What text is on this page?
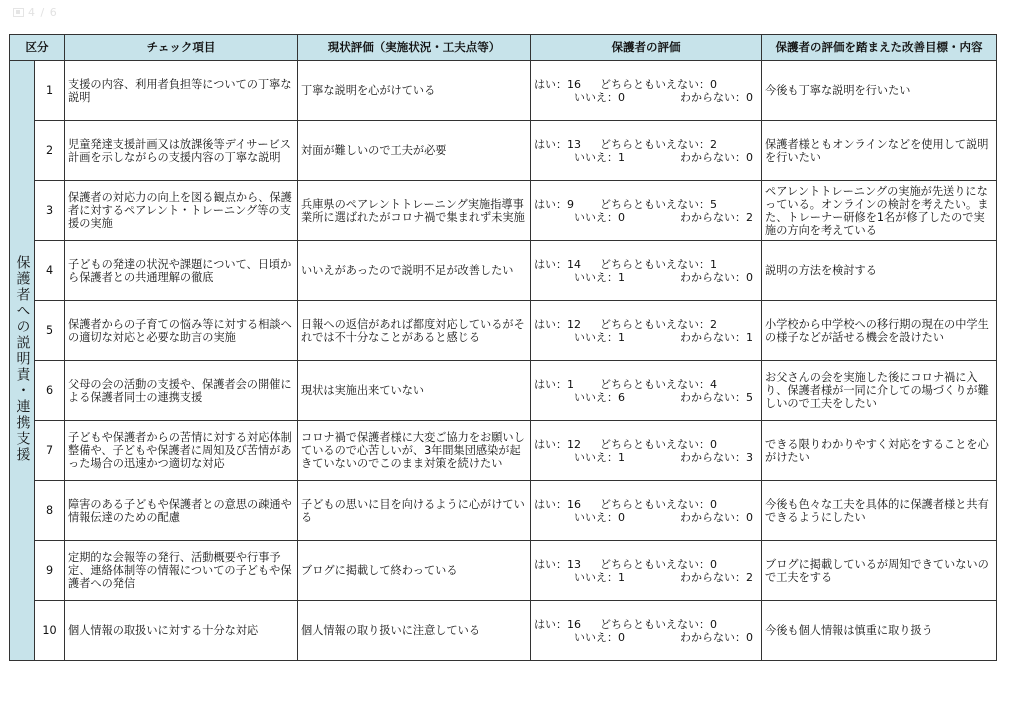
4 / 6
区分		チェック項目	現状評価（実施状況・工夫点等）	保護者の評価	保護者の評価を踏まえた改善目標・内容
保護者への説明責・連携支援	1	支援の内容、利用者負担等についての丁寧な説明	丁寧な説明を心がけている	はい：16 どちらともいえない：0
いいえ：0 わからない：0	今後も丁寧な説明を行いたい
	2	児童発達支援計画又は放課後等デイサービス計画を示しながらの支援内容の丁寧な説明	対面が難しいので工夫が必要	はい：13 どちらともいえない：2
いいえ：1 わからない：0	保護者様ともオンラインなどを使用して説明を行いたい
	3	保護者の対応力の向上を図る観点から、保護者に対するペアレント・トレーニング等の支援の実施	兵庫県のペアレントトレーニング実施指導事業所に選ばれたがコロナ禍で集まれず未実施	はい：9 どちらともいえない：5
いいえ：0 わからない：2	ペアレントトレーニングの実施が先送りになっている。オンラインの検討を考えたい。また、トレーナー研修を1名が修了したので実施の方向を考えている
	4	子どもの発達の状況や課題について、日頃から保護者との共通理解の徹底	いいえがあったので説明不足が改善したい	はい：14 どちらともいえない：1
いいえ：1 わからない：0	説明の方法を検討する
	5	保護者からの子育ての悩み等に対する相談への適切な対応と必要な助言の実施	日報への返信があれば都度対応しているがそれでは不十分なことがあると感じる	はい：12 どちらともいえない：2
いいえ：1 わからない：1	小学校から中学校への移行期の現在の中学生の様子などが話せる機会を設けたい
	6	父母の会の活動の支援や、保護者会の開催による保護者同士の連携支援	現状は実施出来ていない	はい：1 どちらともいえない：4
いいえ：6 わからない：5	お父さんの会を実施した後にコロナ禍に入り、保護者様が一同に介しての場づくりが難しいので工夫をしたい
	7	子どもや保護者からの苦情に対する対応体制整備や、子どもや保護者に周知及び苦情があった場合の迅速かつ適切な対応	コロナ禍で保護者様に大変ご協力をお願いしているので心苦しいが、3年間集団感染が起きていないのでこのまま対策を続けたい	はい：12 どちらともいえない：0
いいえ：1 わからない：3	できる限りわかりやすく対応をすることを心がけたい
	8	障害のある子どもや保護者との意思の疎通や情報伝達のための配慮	子どもの思いに目を向けるように心がけている	はい：16 どちらともいえない：0
いいえ：0 わからない：0	今後も色々な工夫を具体的に保護者様と共有できるようにしたい
	9	定期的な会報等の発行、活動概要や行事予定、連絡体制等の情報についての子どもや保護者への発信	ブログに掲載して終わっている	はい：13 どちらともいえない：0
いいえ：1 わからない：2	ブログに掲載しているが周知できていないので工夫をする
	10	個人情報の取扱いに対する十分な対応	個人情報の取り扱いに注意している	はい：16 どちらともいえない：0
いいえ：0 わからない：0	今後も個人情報は慎重に取り扱う
